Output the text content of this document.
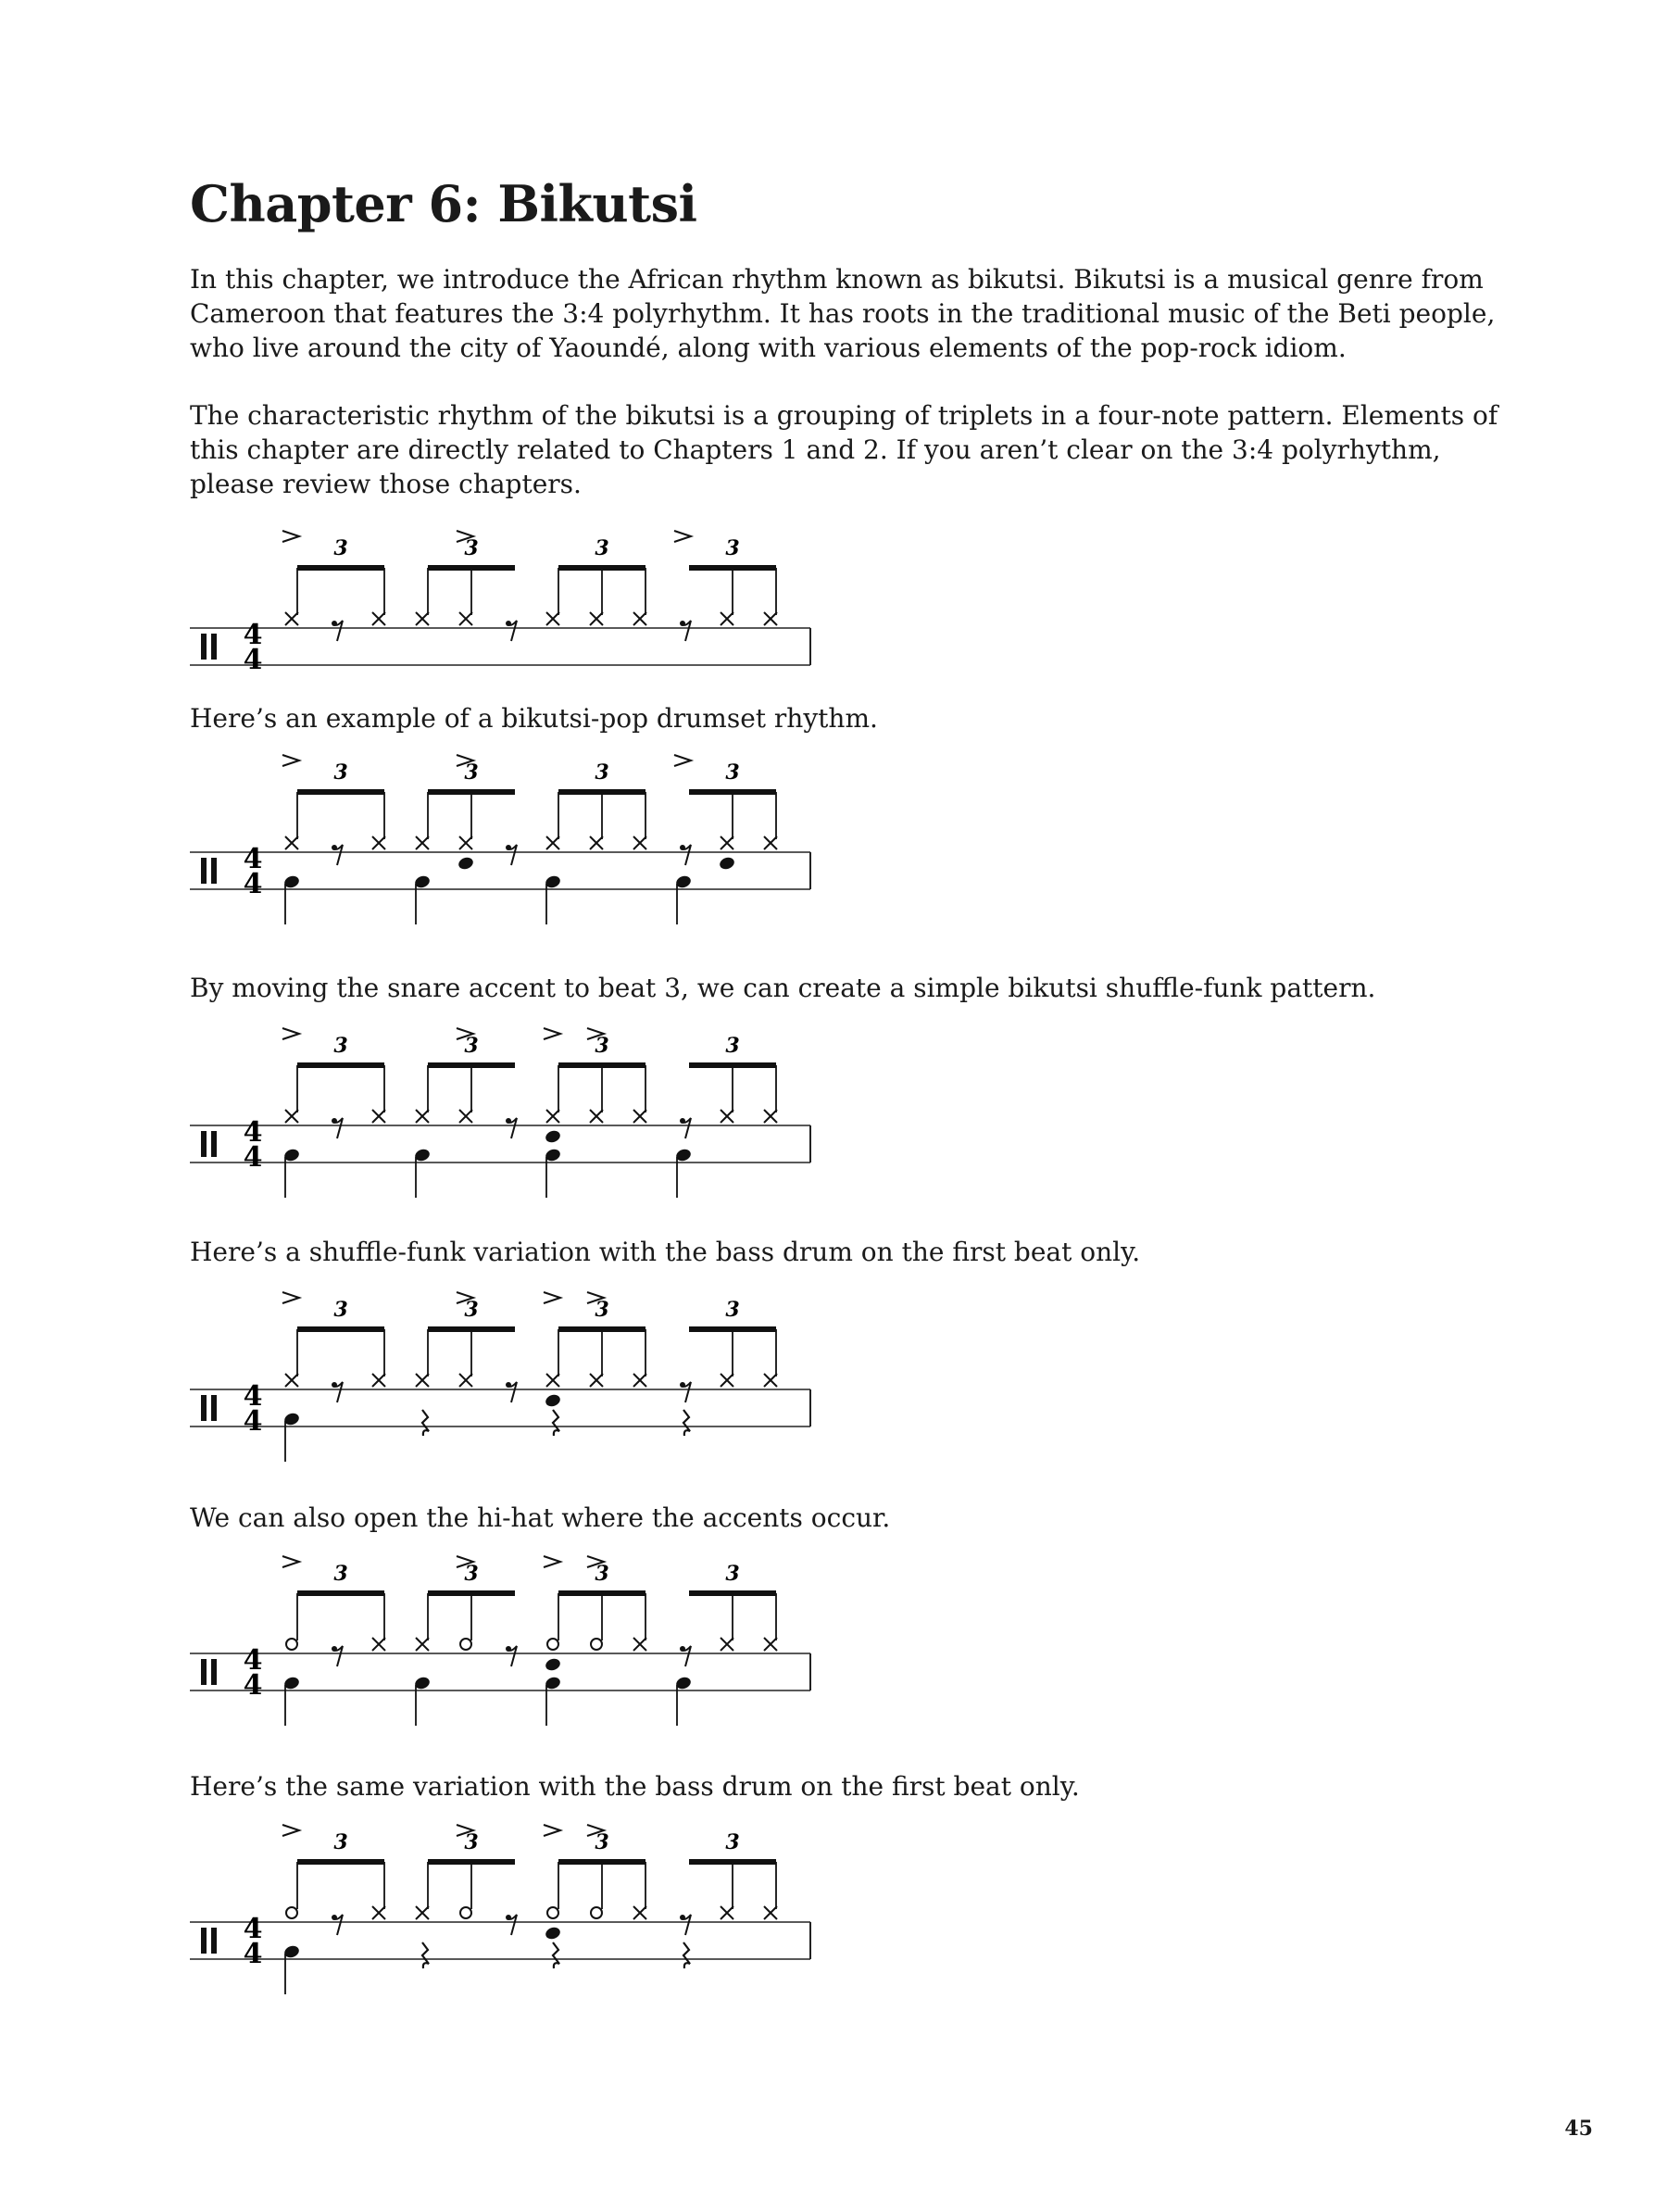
Chapter 6: Bikutsi

In this chapter, we introduce the African rhythm known as bikutsi. Bikutsi is a musical genre from Cameroon that features the 3:4 polyrhythm. It has roots in the traditional music of the Beti people, who live around the city of Yaoundé, along with various elements of the pop-rock idiom.

The characteristic rhythm of the bikutsi is a grouping of triplets in a four-note pattern. Elements of this chapter are directly related to Chapters 1 and 2. If you aren’t clear on the 3:4 polyrhythm, please review those chapters.

4
4
3	3	3	3

Here’s an example of a bikutsi-pop drumset rhythm.

4
4
3	3	3	3

By moving the snare accent to beat 3, we can create a simple bikutsi shuffle-funk pattern.

4
4
3	3	3	3

Here’s a shuffle-funk variation with the bass drum on the first beat only.

4
4
3	3	3	3

We can also open the hi-hat where the accents occur.

4
4
3	3	3	3

Here’s the same variation with the bass drum on the first beat only.

4
4
3	3	3	3
45
